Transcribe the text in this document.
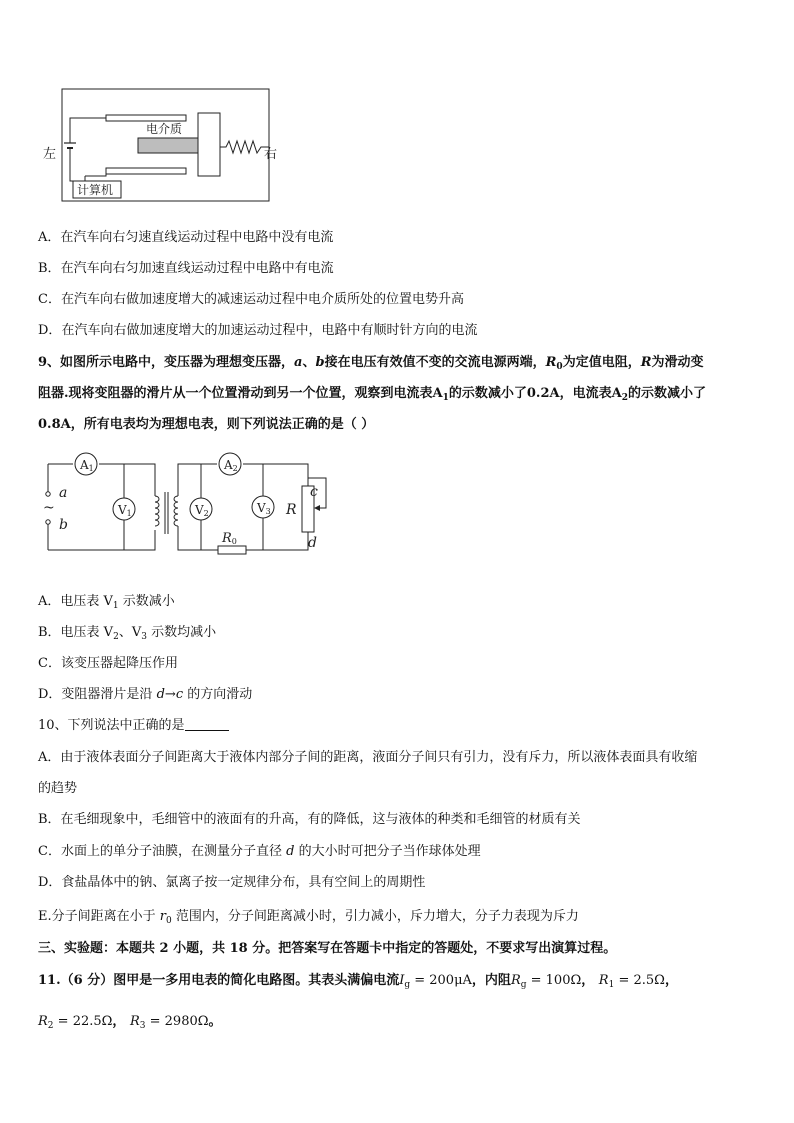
电介质
计算机
左	右
A．在汽车向右匀速直线运动过程中电路中没有电流
B．在汽车向右匀加速直线运动过程中电路中有电流
C．在汽车向右做加速度增大的减速运动过程中电介质所处的位置电势升高
D．在汽车向右做加速度增大的加速运动过程中，电路中有顺时针方向的电流
9、如图所示电路中，变压器为理想变压器，a、b接在电压有效值不变的交流电源两端，$R_0$为定值电阻，R为滑动变
阻器.现将变阻器的滑片从一个位置滑动到另一个位置，观察到电流表$A_1$的示数减小了0.2A，电流表$A_2$的示数减小了
0.8A，所有电表均为理想电表，则下列说法正确的是（ ）
~
a
b
A1	A2
V1	V2	V3
R0
R
c
d
A．电压表 $V_1$ 示数减小
B．电压表 $V_2$、$V_3$ 示数均减小
C．该变压器起降压作用
D．变阻器滑片是沿 d→c 的方向滑动
10、下列说法中正确的是
A．由于液体表面分子间距离大于液体内部分子间的距离，液面分子间只有引力，没有斥力，所以液体表面具有收缩
的趋势
B．在毛细现象中，毛细管中的液面有的升高，有的降低，这与液体的种类和毛细管的材质有关
C．水面上的单分子油膜，在测量分子直径 d 的大小时可把分子当作球体处理
D．食盐晶体中的钠、氯离子按一定规律分布，具有空间上的周期性
E.分子间距离在小于 $r_0$ 范围内，分子间距离减小时，引力减小，斥力增大，分子力表现为斥力
三、实验题：本题共 2 小题，共 18 分。把答案写在答题卡中指定的答题处，不要求写出演算过程。
11.（6 分）图甲是一多用电表的简化电路图。其表头满偏电流$I_g = 200\mu A$，内阻$R_g = 100\Omega$， $R_1 = 2.5\Omega$，
$R_2 = 22.5\Omega$， $R_3 = 2980\Omega$。
